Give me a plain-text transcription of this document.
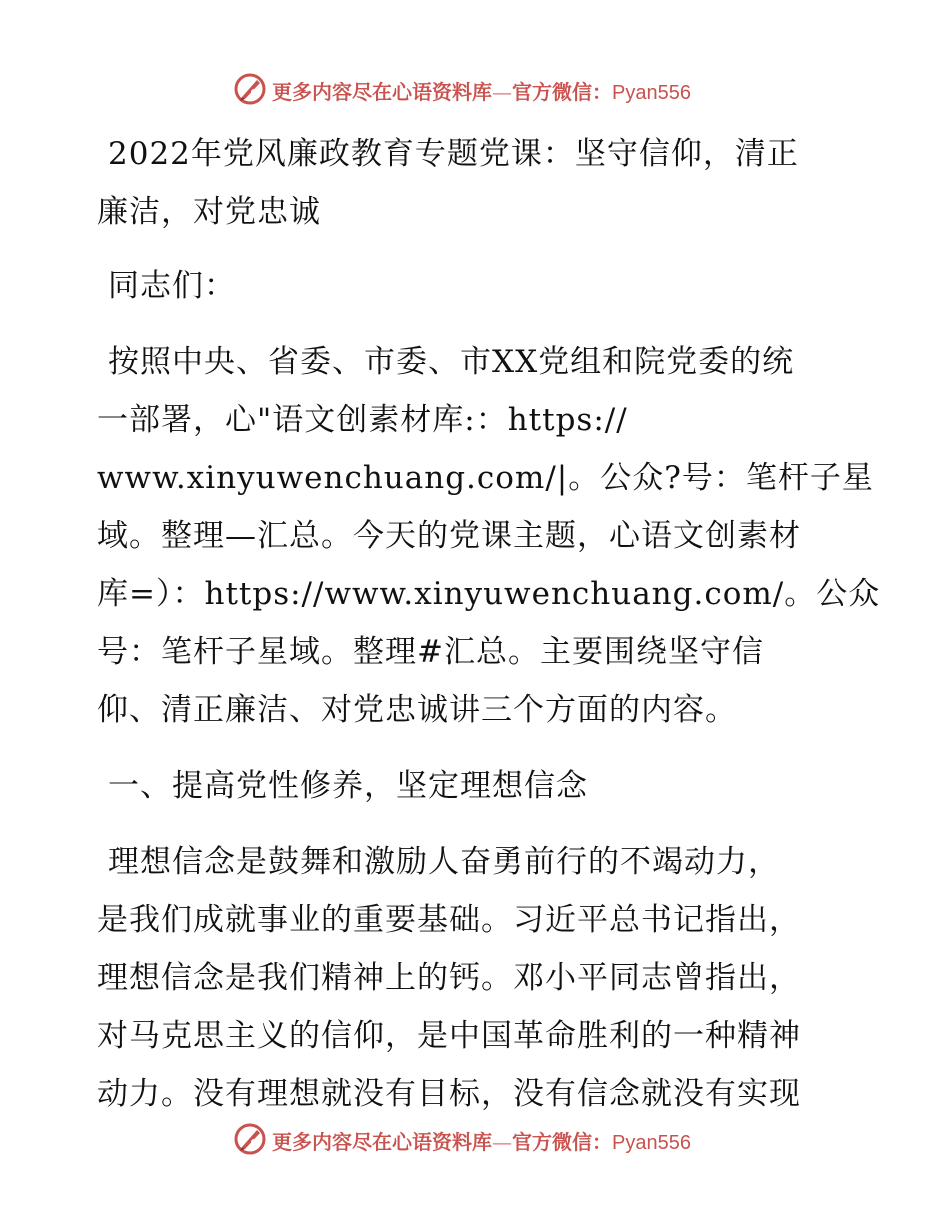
更多内容尽在心语资料库—官方微信：Pyan556
2022年党风廉政教育专题党课：坚守信仰，清正
廉洁，对党忠诚
同志们：
按照中央、省委、市委、市XX党组和院党委的统
一部署，心"语文创素材库:：https://
www.xinyuwenchuang.com/|。公众?号：笔杆子星
域。整理—汇总。今天的党课主题，心语文创素材
库=）：https://www.xinyuwenchuang.com/。公众
号：笔杆子星域。整理#汇总。主要围绕坚守信
仰、清正廉洁、对党忠诚讲三个方面的内容。
一、提高党性修养，坚定理想信念
理想信念是鼓舞和激励人奋勇前行的不竭动力，
是我们成就事业的重要基础。习近平总书记指出，
理想信念是我们精神上的钙。邓小平同志曾指出，
对马克思主义的信仰，是中国革命胜利的一种精神
动力。没有理想就没有目标，没有信念就没有实现
更多内容尽在心语资料库—官方微信：Pyan556
